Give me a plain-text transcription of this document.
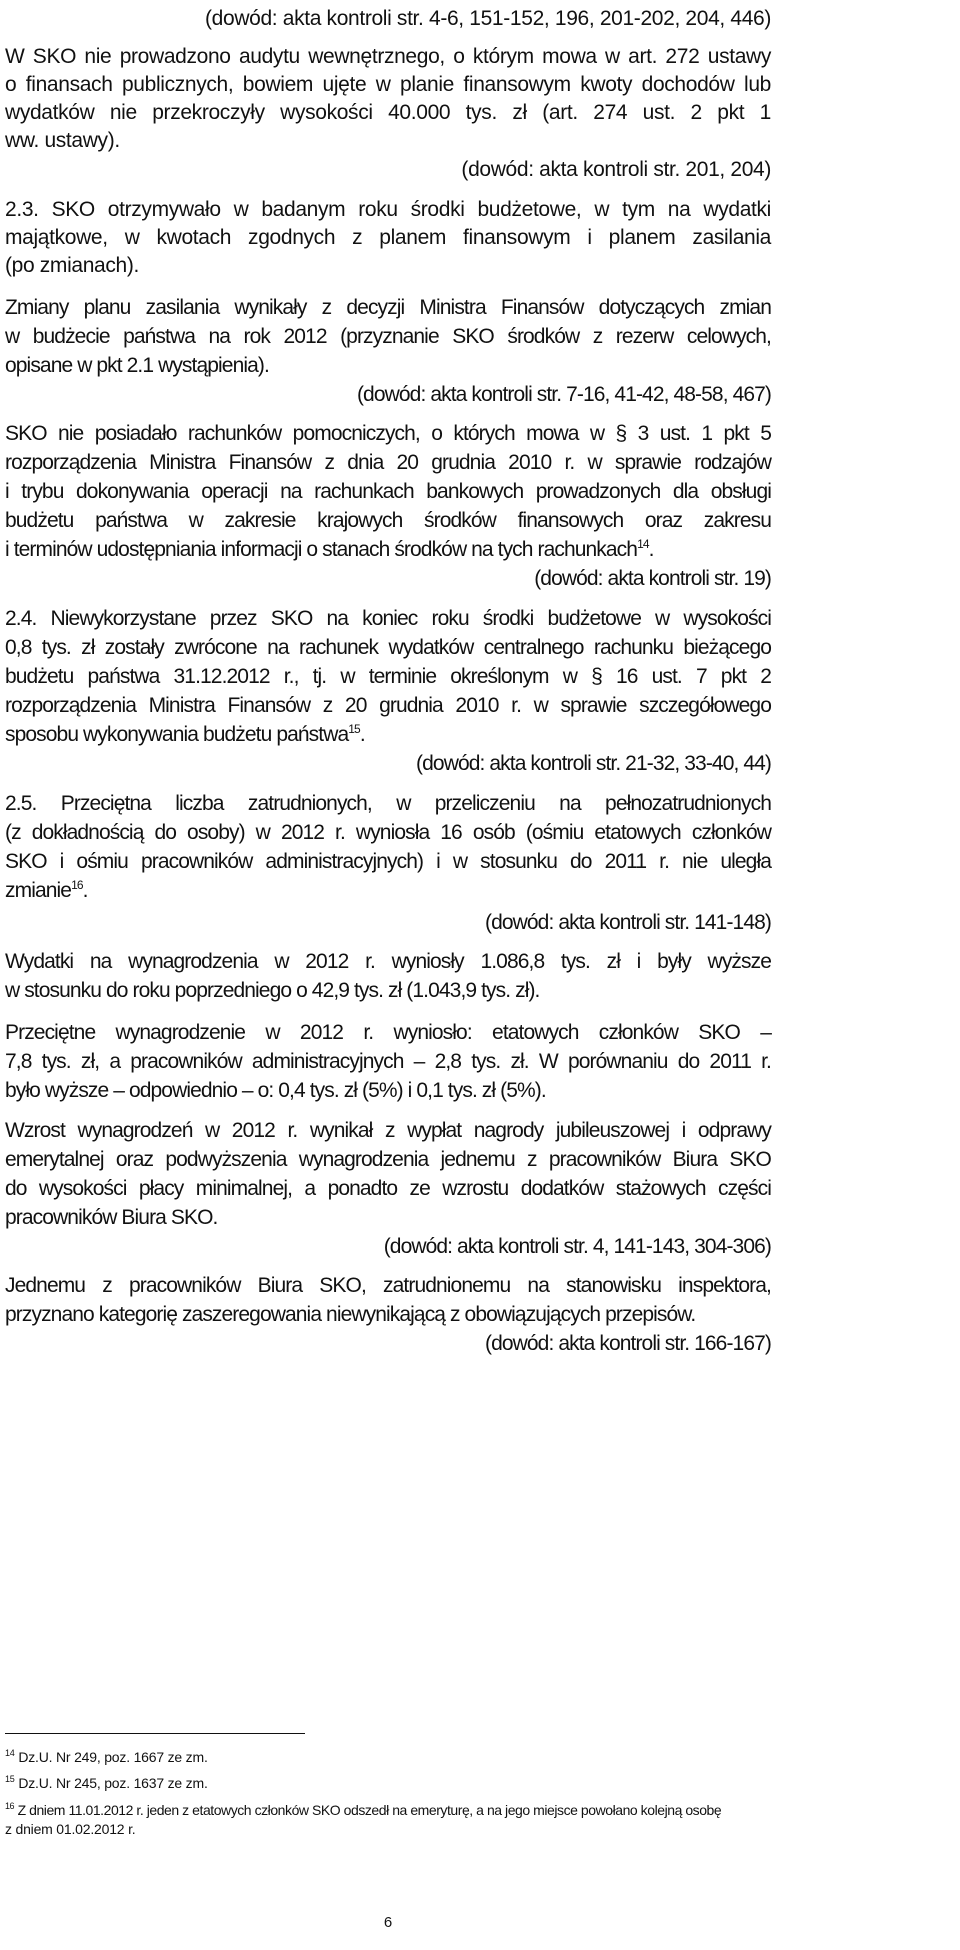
(dowód: akta kontroli str. 4-6, 151-152, 196, 201-202, 204, 446)
W SKO nie prowadzono audytu wewnętrznego, o którym mowa w art. 272 ustawy
o finansach publicznych, bowiem ujęte w planie finansowym kwoty dochodów lub
wydatków nie przekroczyły wysokości 40.000 tys. zł (art. 274 ust. 2 pkt 1
ww. ustawy).
(dowód: akta kontroli str. 201, 204)
2.3. SKO otrzymywało w badanym roku środki budżetowe, w tym na wydatki
majątkowe, w kwotach zgodnych z planem finansowym i planem zasilania
(po zmianach).
Zmiany planu zasilania wynikały z decyzji Ministra Finansów dotyczących zmian
w budżecie państwa na rok 2012 (przyznanie SKO środków z rezerw celowych,
opisane w pkt 2.1 wystąpienia).
(dowód: akta kontroli str. 7-16, 41-42, 48-58, 467)
SKO nie posiadało rachunków pomocniczych, o których mowa w § 3 ust. 1 pkt 5
rozporządzenia Ministra Finansów z dnia 20 grudnia 2010 r. w sprawie rodzajów
i trybu dokonywania operacji na rachunkach bankowych prowadzonych dla obsługi
budżetu państwa w zakresie krajowych środków finansowych oraz zakresu
i terminów udostępniania informacji o stanach środków na tych rachunkach$^{14}$.
(dowód: akta kontroli str. 19)
2.4. Niewykorzystane przez SKO na koniec roku środki budżetowe w wysokości
0,8 tys. zł zostały zwrócone na rachunek wydatków centralnego rachunku bieżącego
budżetu państwa 31.12.2012 r., tj. w terminie określonym w § 16 ust. 7 pkt 2
rozporządzenia Ministra Finansów z 20 grudnia 2010 r. w sprawie szczegółowego
sposobu wykonywania budżetu państwa$^{15}$.
(dowód: akta kontroli str. 21-32, 33-40, 44)
2.5. Przeciętna liczba zatrudnionych, w przeliczeniu na pełnozatrudnionych
(z dokładnością do osoby) w 2012 r. wyniosła 16 osób (ośmiu etatowych członków
SKO i ośmiu pracowników administracyjnych) i w stosunku do 2011 r. nie uległa
zmianie$^{16}$.
(dowód: akta kontroli str. 141-148)
Wydatki na wynagrodzenia w 2012 r. wyniosły 1.086,8 tys. zł i były wyższe
w stosunku do roku poprzedniego o 42,9 tys. zł (1.043,9 tys. zł).
Przeciętne wynagrodzenie w 2012 r. wyniosło: etatowych członków SKO –
7,8 tys. zł, a pracowników administracyjnych – 2,8 tys. zł. W porównaniu do 2011 r.
było wyższe – odpowiednio – o: 0,4 tys. zł (5%) i 0,1 tys. zł (5%).
Wzrost wynagrodzeń w 2012 r. wynikał z wypłat nagrody jubileuszowej i odprawy
emerytalnej oraz podwyższenia wynagrodzenia jednemu z pracowników Biura SKO
do wysokości płacy minimalnej, a ponadto ze wzrostu dodatków stażowych części
pracowników Biura SKO.
(dowód: akta kontroli str. 4, 141-143, 304-306)
Jednemu z pracowników Biura SKO, zatrudnionemu na stanowisku inspektora,
przyznano kategorię zaszeregowania niewynikającą z obowiązujących przepisów.
(dowód: akta kontroli str. 166-167)
$^{14}$ Dz.U. Nr 249, poz. 1667 ze zm.
$^{15}$ Dz.U. Nr 245, poz. 1637 ze zm.
$^{16}$ Z dniem 11.01.2012 r. jeden z etatowych członków SKO odszedł na emeryturę, a na jego miejsce powołano kolejną osobę
z dniem 01.02.2012 r.
6
